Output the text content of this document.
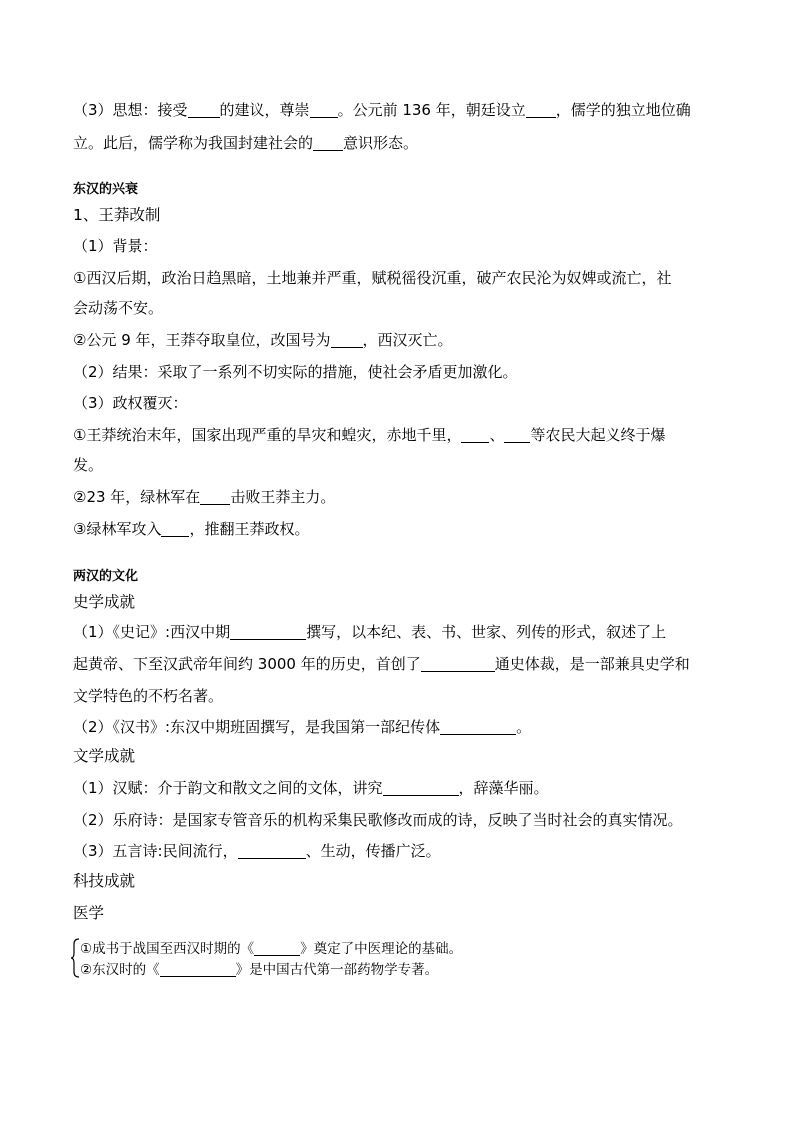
（3）思想：接受 的建议，尊崇 。公元前 136 年，朝廷设立 ，儒学的独立地位确
立。此后，儒学称为我国封建社会的 意识形态。
东汉的兴衰
1、王莽改制
（1）背景：
①西汉后期，政治日趋黑暗，土地兼并严重，赋税徭役沉重，破产农民沦为奴婢或流亡，社
会动荡不安。
②公元 9 年，王莽夺取皇位，改国号为 ，西汉灭亡。
（2）结果：采取了一系列不切实际的措施，使社会矛盾更加激化。
（3）政权覆灭：
①王莽统治末年，国家出现严重的旱灾和蝗灾，赤地千里， 、 等农民大起义终于爆
发。
②23 年，绿林军在 击败王莽主力。
③绿林军攻入 ，推翻王莽政权。
两汉的文化
史学成就
（1）《史记》:西汉中期	撰写，以本纪、表、书、世家、列传的形式，叙述了上
起黄帝、下至汉武帝年间约 3000 年的历史，首创了	通史体裁，是一部兼具史学和
文学特色的不朽名著。
（2）《汉书》:东汉中期班固撰写，是我国第一部纪传体	。
文学成就
（1）汉赋：介于韵文和散文之间的文体，讲究	，辞藻华丽。
（2）乐府诗：是国家专管音乐的机构采集民歌修改而成的诗，反映了当时社会的真实情况。
（3）五言诗:民间流行，	、生动，传播广泛。
科技成就
医学
①成书于战国至西汉时期的《	》奠定了中医理论的基础。
②东汉时的《	》是中国古代第一部药物学专著。
